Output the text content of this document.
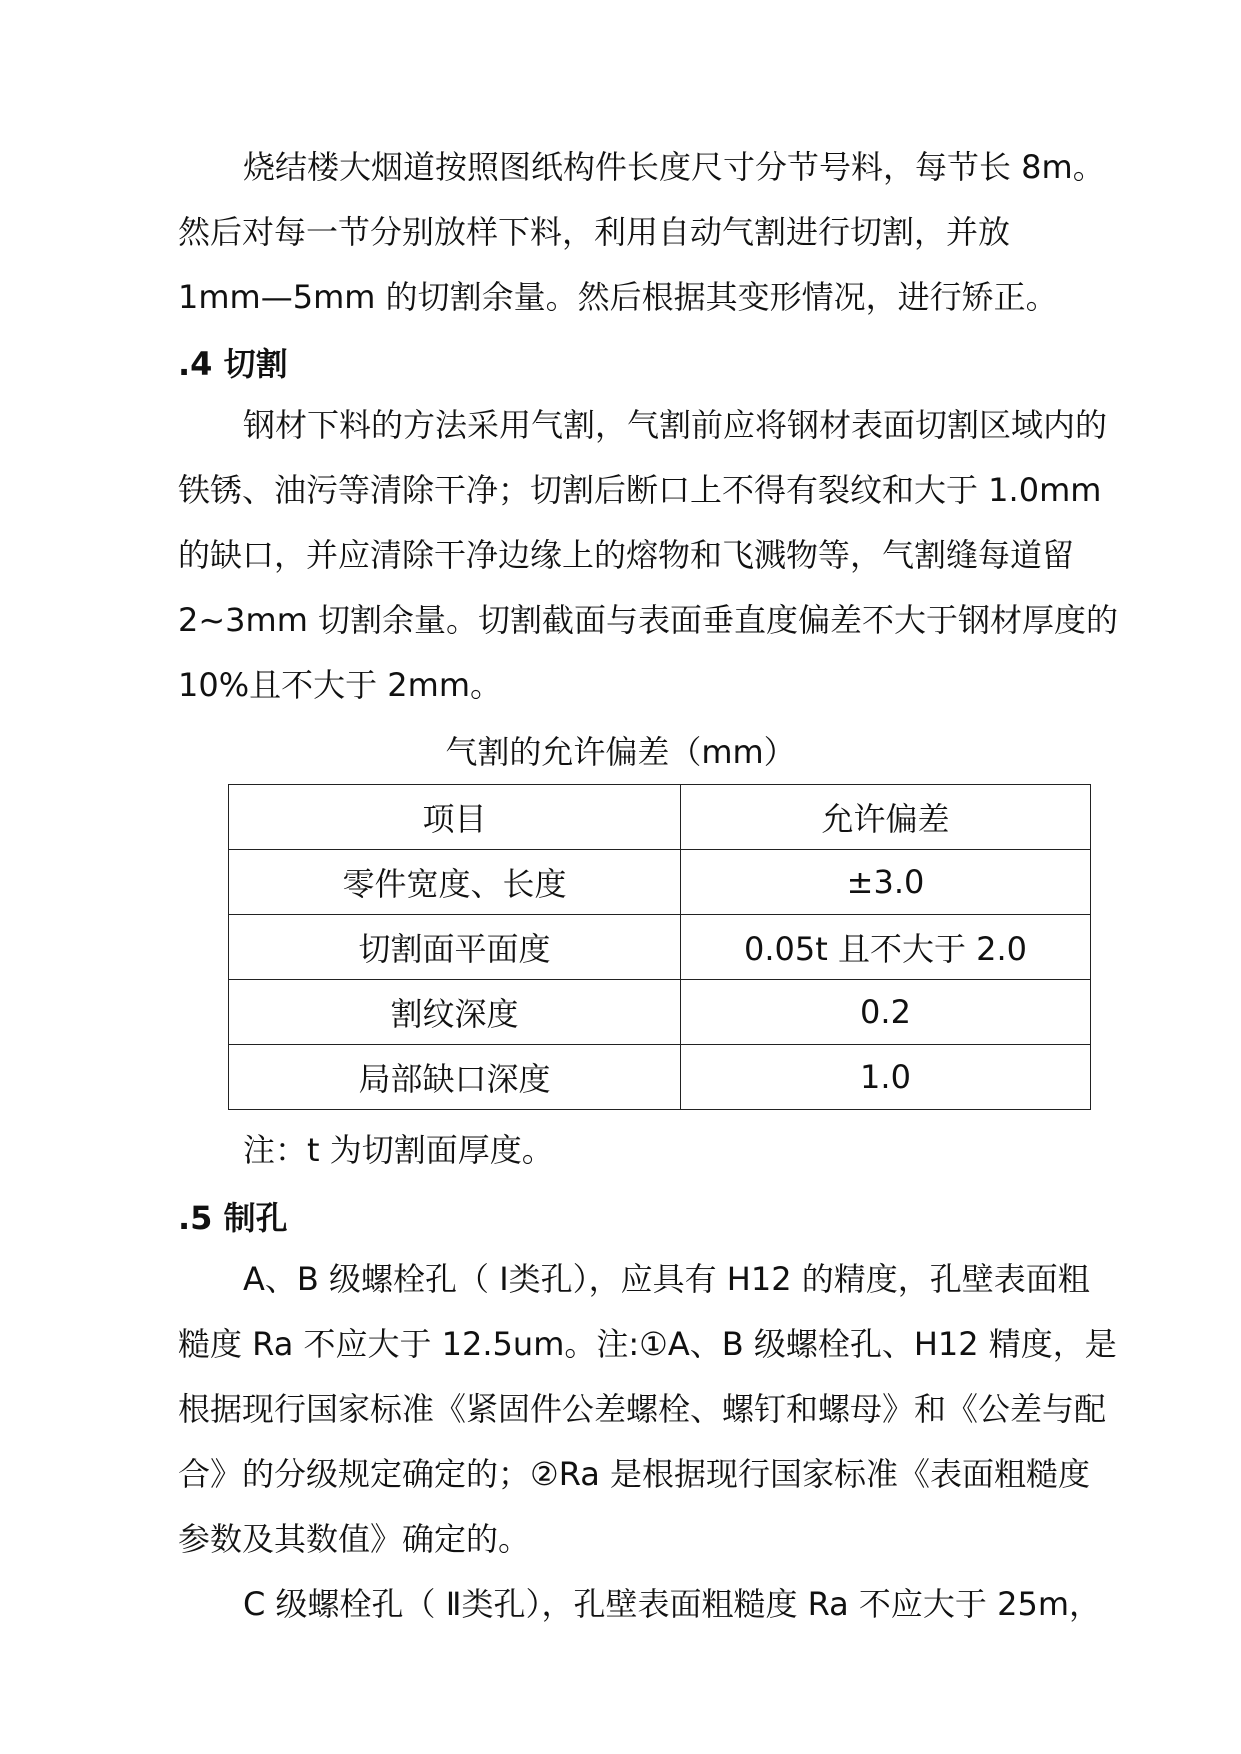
烧结楼大烟道按照图纸构件长度尺寸分节号料，每节长 8m。
然后对每一节分别放样下料，利用自动气割进行切割，并放
1mm—5mm 的切割余量。然后根据其变形情况，进行矫正。

.4 切割

钢材下料的方法采用气割，气割前应将钢材表面切割区域内的
铁锈、油污等清除干净；切割后断口上不得有裂纹和大于 1.0mm
的缺口，并应清除干净边缘上的熔物和飞溅物等，气割缝每道留
2~3mm 切割余量。切割截面与表面垂直度偏差不大于钢材厚度的
10%且不大于 2mm。

气割的允许偏差（mm）

项目	允许偏差
零件宽度、长度	±3.0
切割面平面度	0.05t 且不大于 2.0
割纹深度	0.2
局部缺口深度	1.0

注：t 为切割面厚度。

.5 制孔

A、B 级螺栓孔（ Ⅰ类孔），应具有 H12 的精度，孔壁表面粗
糙度 Ra 不应大于 12.5um。注:①A、B 级螺栓孔、H12 精度，是
根据现行国家标准《紧固件公差螺栓、螺钉和螺母》和《公差与配
合》的分级规定确定的；②Ra 是根据现行国家标准《表面粗糙度
参数及其数值》确定的。

C 级螺栓孔（ Ⅱ类孔），孔壁表面粗糙度 Ra 不应大于 25m，
